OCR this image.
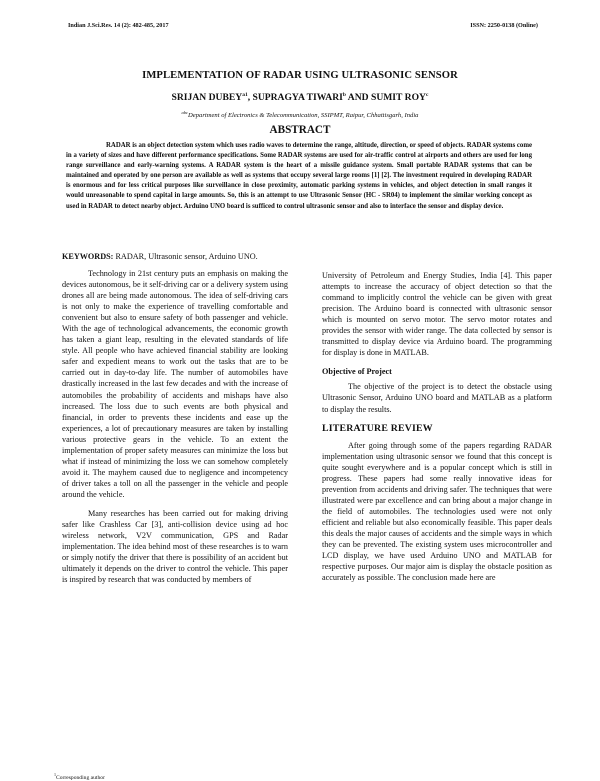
Indian J.Sci.Res. 14 (2): 482-485, 2017	ISSN: 2250-0138 (Online)
IMPLEMENTATION OF RADAR USING ULTRASONIC SENSOR
SRIJAN $DUBEY^{a1}$, SUPRAGYA TIWARI$^b$ AND SUMIT ROY$^c$
$^{abc}$Department of Electronics & Telecommunication, SSIPMT, Raipur, Chhattisgarh, India
ABSTRACT

RADAR is an object detection system which uses radio waves to determine the range, altitude, direction, or speed of objects. RADAR systems come in a variety of sizes and have different performance specifications. Some RADAR systems are used for air-traffic control at airports and others are used for long range surveillance and early-warning systems. A RADAR system is the heart of a missile guidance system. Small portable RADAR systems that can be maintained and operated by one person are available as well as systems that occupy several large rooms [1] [2]. The investment required in developing RADAR is enormous and for less critical purposes like surveillance in close proximity, automatic parking systems in vehicles, and object detection in small ranges it would unreasonable to spend capital in large amounts. So, this is an attempt to use Ultrasonic Sensor (HC - SR04) to implement the similar working concept as used in RADAR to detect nearby object. Arduino UNO board is sufficed to control ultrasonic sensor and also to interface the sensor and display device.

KEYWORDS: RADAR, Ultrasonic sensor, Arduino UNO.

Technology in 21st century puts an emphasis on making the devices autonomous, be it self-driving car or a delivery system using drones all are being made autonomous. The idea of self-driving cars is not only to make the experience of travelling comfortable and convenient but also to ensure safety of both passenger and vehicle. With the age of technological advancements, the economic growth has taken a giant leap, resulting in the elevated standards of life style. All people who have achieved financial stability are looking safer and expedient means to work out the tasks that are to be carried out in day-to-day life. The number of automobiles have drastically increased in the last few decades and with the increase of automobiles the probability of accidents and mishaps have also increased. The loss due to such events are both physical and financial, in order to prevents these incidents and ease up the experiences, a lot of precautionary measures are taken by installing various protective gears in the vehicle. To an extent the implementation of proper safety measures can minimize the loss but what if instead of minimizing the loss we can somehow completely avoid it. The mayhem caused due to negligence and incompetency of driver takes a toll on all the passenger in the vehicle and people around the vehicle.

Many researches has been carried out for making driving safer like Crashless Car [3], anti-collision device using ad hoc wireless network, V2V communication, GPS and Radar implementation. The idea behind most of these researches is to warn or simply notify the driver that there is possibility of an accident but ultimately it depends on the driver to control the vehicle. This paper is inspired by research that was conducted by members of

University of Petroleum and Energy Studies, India [4]. This paper attempts to increase the accuracy of object detection so that the command to implicitly control the vehicle can be given with great precision. The Arduino board is connected with ultrasonic sensor which is mounted on servo motor. The servo motor rotates and provides the sensor with wider range. The data collected by sensor is transmitted to display device via Arduino board. The programming for display is done in MATLAB.

Objective of Project

The objective of the project is to detect the obstacle using Ultrasonic Sensor, Arduino UNO board and MATLAB as a platform to display the results.

LITERATURE REVIEW

After going through some of the papers regarding RADAR implementation using ultrasonic sensor we found that this concept is quite sought everywhere and is a popular concept which is still in progress. These papers had some really innovative ideas for prevention from accidents and driving safer. The techniques that were illustrated were par excellence and can bring about a major change in the field of automobiles. The technologies used were not only efficient and reliable but also economically feasible. This paper deals this deals the major causes of accidents and the simple ways in which they can be prevented. The existing system uses microcontroller and LCD display, we have used Arduino UNO and MATLAB for respective purposes. Our major aim is display the obstacle position as accurately as possible. The conclusion made here are

$^1$Corresponding author
